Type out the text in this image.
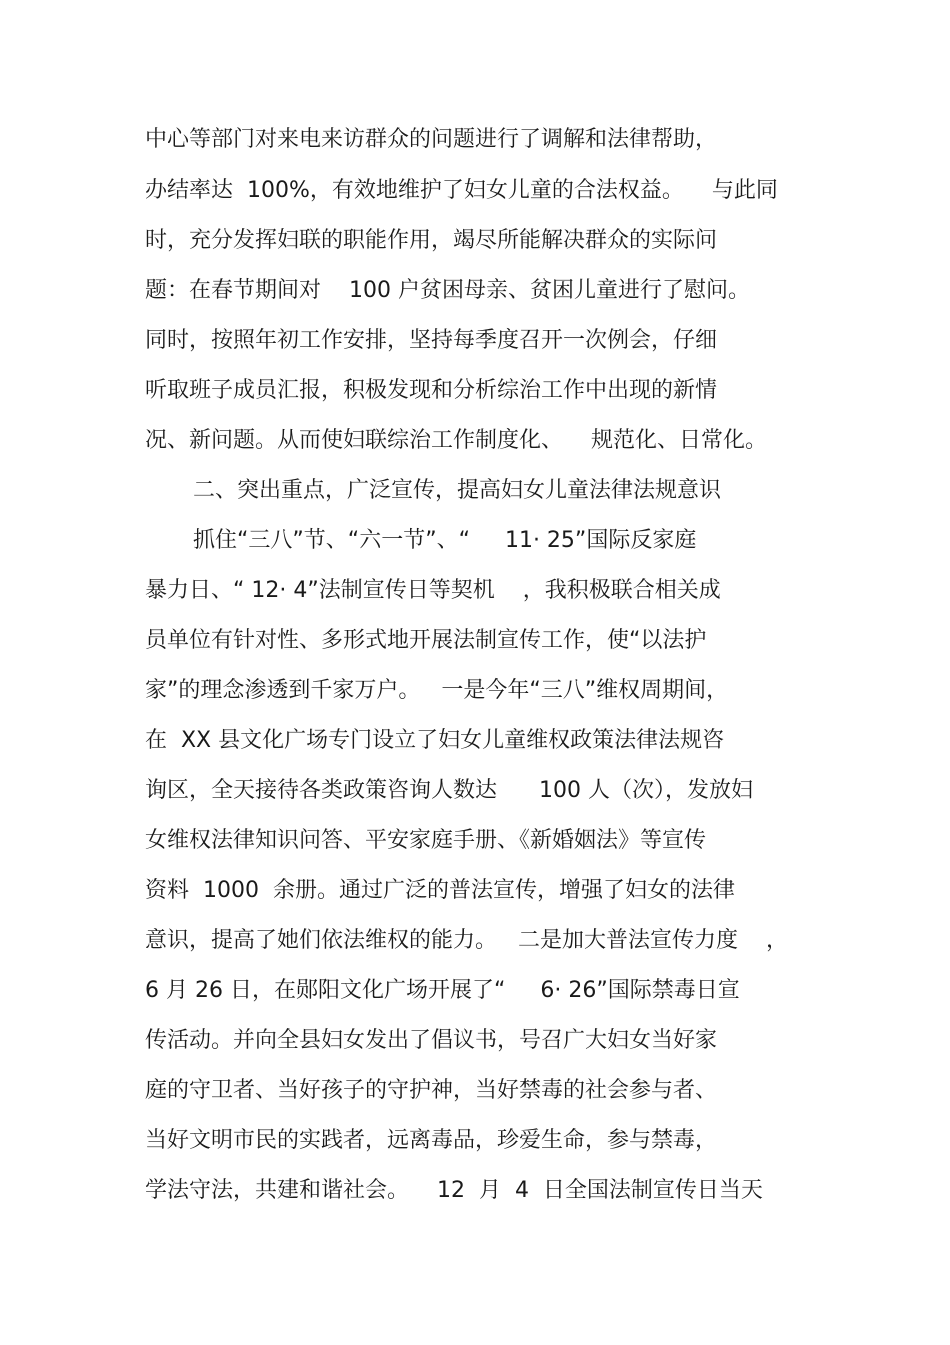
中心等部门对来电来访群众的问题进行了调解和法律帮助，
办结率达  100%，有效地维护了妇女儿童的合法权益。    与此同
时，充分发挥妇联的职能作用，竭尽所能解决群众的实际问
题：在春节期间对    100 户贫困母亲、贫困儿童进行了慰问。
同时，按照年初工作安排，坚持每季度召开一次例会，仔细
听取班子成员汇报，积极发现和分析综治工作中出现的新情
况、新问题。从而使妇联综治工作制度化、    规范化、日常化。
二、突出重点，广泛宣传，提高妇女儿童法律法规意识
抓住“三八”节、“六一节”、“     11· 25”国际反家庭
暴力日、“ 12· 4”法制宣传日等契机    ，我积极联合相关成
员单位有针对性、多形式地开展法制宣传工作，使“以法护
家”的理念渗透到千家万户。   一是今年“三八”维权周期间，
在  XX 县文化广场专门设立了妇女儿童维权政策法律法规咨
询区，全天接待各类政策咨询人数达      100 人（次），发放妇
女维权法律知识问答、平安家庭手册、《新婚姻法》等宣传
资料  1000  余册。通过广泛的普法宣传，增强了妇女的法律
意识，提高了她们依法维权的能力。   二是加大普法宣传力度    ，
6 月 26 日，在郧阳文化广场开展了“     6· 26”国际禁毒日宣
传活动。并向全县妇女发出了倡议书，号召广大妇女当好家
庭的守卫者、当好孩子的守护神，当好禁毒的社会参与者、
当好文明市民的实践者，远离毒品，珍爱生命，参与禁毒，
学法守法，共建和谐社会。    12  月  4  日全国法制宣传日当天
